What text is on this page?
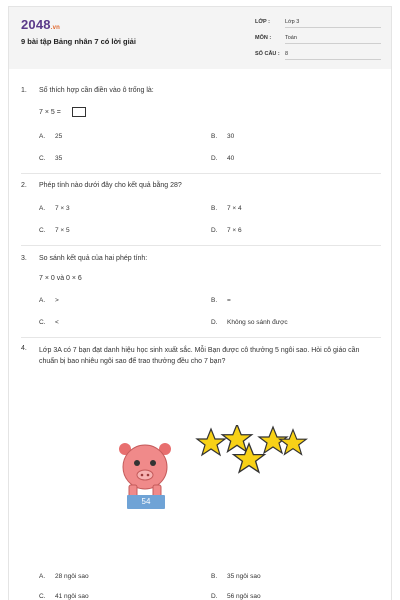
2048.vn
9 bài tập Bảng nhân 7 có lời giải
LỚP :	Lớp 3
MÔN :	Toán
SỐ CÂU : 8
1. Số thích hợp cần điền vào ô trống là:
7 × 5 =
A. 25	B. 30
C. 35	D. 40
2. Phép tính nào dưới đây cho kết quả bằng 28?
A. 7 × 3	B. 7 × 4
C. 7 × 5	D. 7 × 6
3. So sánh kết quả của hai phép tính:
7 × 0 và 0 × 6
A. >	B. =
C. <	D. Không so sánh được
4. Lớp 3A có 7 bạn đạt danh hiệu học sinh xuất sắc. Mỗi Bạn được cô thưởng 5 ngôi sao. Hỏi cô giáo cần chuẩn bị bao nhiêu ngôi sao để trao thưởng đều cho 7 bạn?
54
A. 28 ngôi sao	B. 35 ngôi sao
C. 41 ngôi sao	D. 56 ngôi sao
